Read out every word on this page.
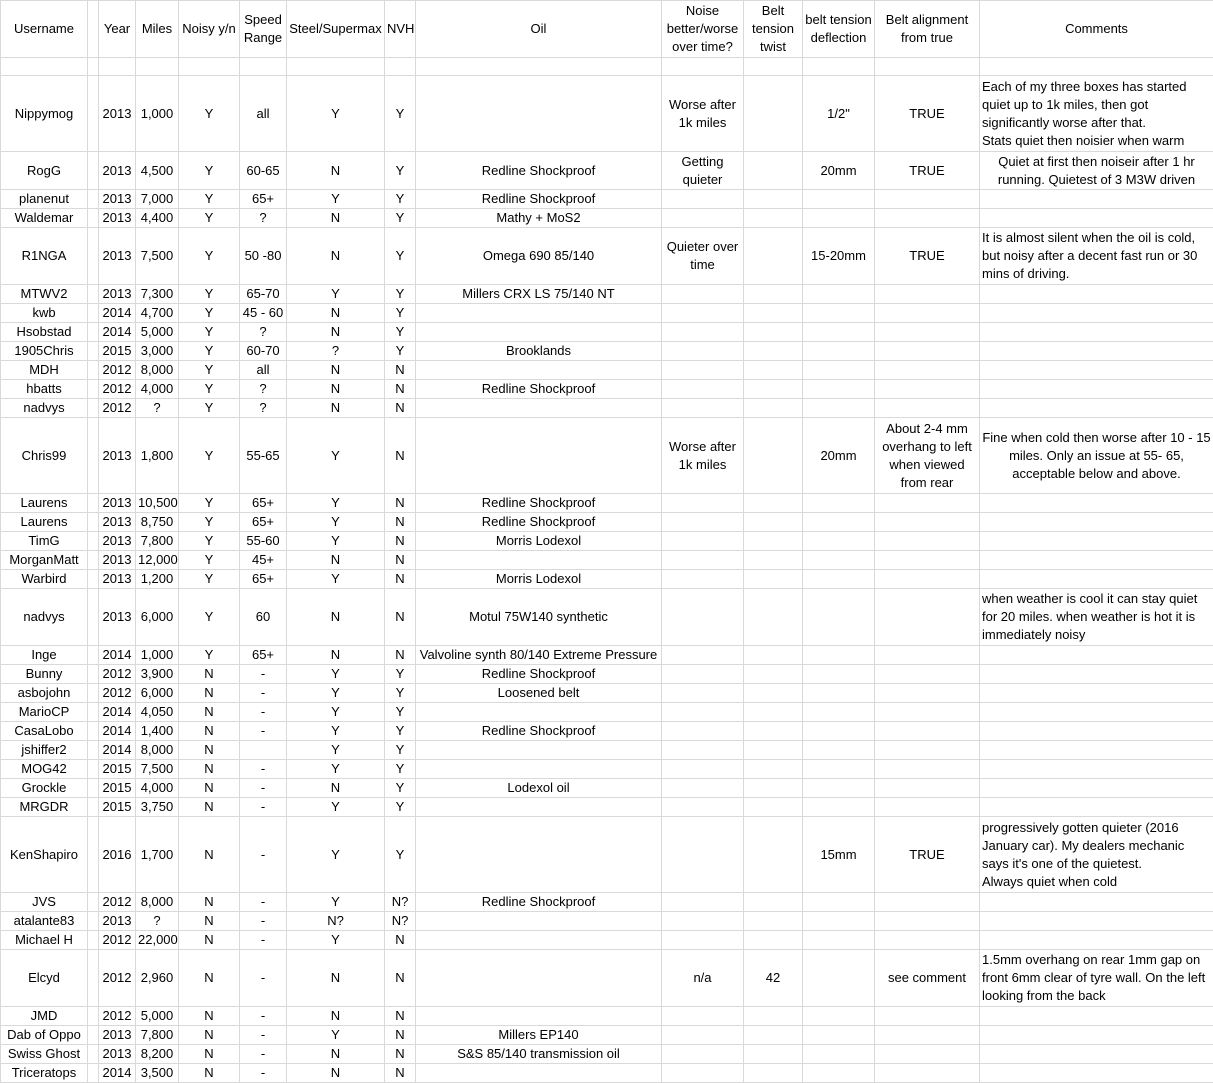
Username		Year	Miles	Noisy y/n	Speed Range	Steel/Supermax	NVH	Oil	Noise better/worse over time?	Belt tension twist	belt tension deflection	Belt alignment from true	Comments

Nippymog		2013	1,000	Y	all	Y	Y		Worse after 1k miles		1/2"	TRUE	Each of my three boxes has started quiet up to 1k miles, then got significantly worse after that.
Stats quiet then noisier when warm
RogG		2013	4,500	Y	60-65	N	Y	Redline Shockproof	Getting quieter		20mm	TRUE	Quiet at first then noiseir after 1 hr running. Quietest of 3 M3W driven
planenut		2013	7,000	Y	65+	Y	Y	Redline Shockproof					
Waldemar		2013	4,400	Y	?	N	Y	Mathy + MoS2					
R1NGA		2013	7,500	Y	50 -80	N	Y	Omega 690 85/140	Quieter over time		15-20mm	TRUE	It is almost silent when the oil is cold, but noisy after a decent fast run or 30 mins of driving.
MTWV2		2013	7,300	Y	65-70	Y	Y	Millers CRX LS 75/140 NT					
kwb		2014	4,700	Y	45 - 60	N	Y						
Hsobstad		2014	5,000	Y	?	N	Y						
1905Chris		2015	3,000	Y	60-70	?	Y	Brooklands					
MDH		2012	8,000	Y	all	N	N						
hbatts		2012	4,000	Y	?	N	N	Redline Shockproof					
nadvys		2012	?	Y	?	N	N						
Chris99		2013	1,800	Y	55-65	Y	N		Worse after 1k miles		20mm	About 2-4 mm overhang to left when viewed from rear	Fine when cold then worse after 10 - 15 miles. Only an issue at 55- 65, acceptable below and above.
Laurens		2013	10,500	Y	65+	Y	N	Redline Shockproof					
Laurens		2013	8,750	Y	65+	Y	N	Redline Shockproof					
TimG		2013	7,800	Y	55-60	Y	N	Morris Lodexol					
MorganMatt		2013	12,000	Y	45+	N	N						
Warbird		2013	1,200	Y	65+	Y	N	Morris Lodexol					
nadvys		2013	6,000	Y	60	N	N	Motul 75W140 synthetic					when weather is cool it can stay quiet for 20 miles. when weather is hot it is immediately noisy
Inge		2014	1,000	Y	65+	N	N	Valvoline synth 80/140 Extreme Pressure					
Bunny		2012	3,900	N	-	Y	Y	Redline Shockproof					
asbojohn		2012	6,000	N	-	Y	Y	Loosened belt					
MarioCP		2014	4,050	N	-	Y	Y						
CasaLobo		2014	1,400	N	-	Y	Y	Redline Shockproof					
jshiffer2		2014	8,000	N		Y	Y						
MOG42		2015	7,500	N	-	Y	Y						
Grockle		2015	4,000	N	-	N	Y	Lodexol oil					
MRGDR		2015	3,750	N	-	Y	Y						
KenShapiro		2016	1,700	N	-	Y	Y				15mm	TRUE	progressively gotten quieter (2016 January car). My dealers mechanic says it's one of the quietest.
Always quiet when cold
JVS		2012	8,000	N	-	Y	N?	Redline Shockproof					
atalante83		2013	?	N	-	N?	N?						
Michael H		2012	22,000	N	-	Y	N						
Elcyd		2012	2,960	N	-	N	N		n/a	42		see comment	1.5mm overhang on rear 1mm gap on front 6mm clear of tyre wall. On the left looking from the back
JMD		2012	5,000	N	-	N	N						
Dab of Oppo		2013	7,800	N	-	Y	N	Millers EP140					
Swiss Ghost		2013	8,200	N	-	N	N	S&S 85/140 transmission oil					
Triceratops		2014	3,500	N	-	N	N						
